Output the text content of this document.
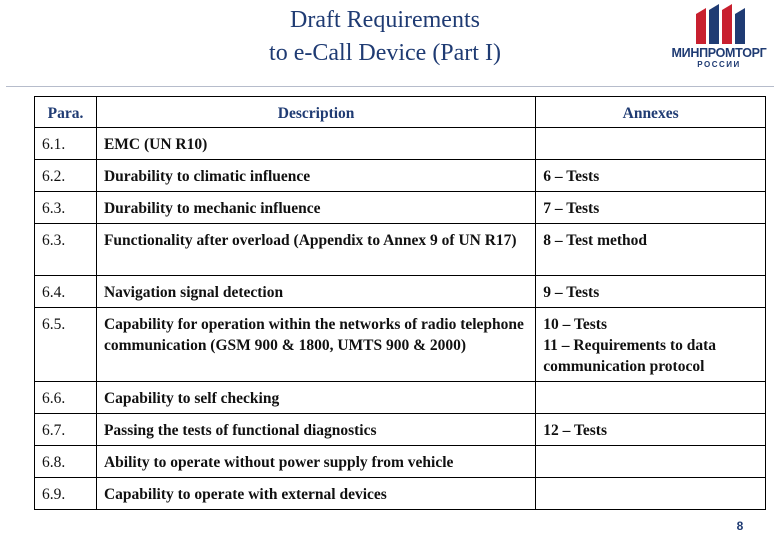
Draft Requirements
to e-Call Device (Part I)	МИНПРОМТОРГ
РОССИИ
Para.	Description	Annexes
6.1.	EMC (UN R10)	
6.2.	Durability to climatic influence	6 – Tests

6.3.	Durability to mechanic influence	7 – Tests

6.3.	Functionality after overload (Appendix to Annex 9 of UN R17)	8 – Test method

6.4.	Navigation signal detection	9 – Tests

6.5.	Capability for operation within the networks of radio telephone communication (GSM 900 & 1800, UMTS 900 & 2000)	10 – Tests
11 – Requirements to data communication protocol

6.6.	Capability to self checking	
6.7.	Passing the tests of functional diagnostics	12 – Tests

6.8.	Ability to operate without power supply from vehicle	
6.9.	Capability to operate with external devices	
8
